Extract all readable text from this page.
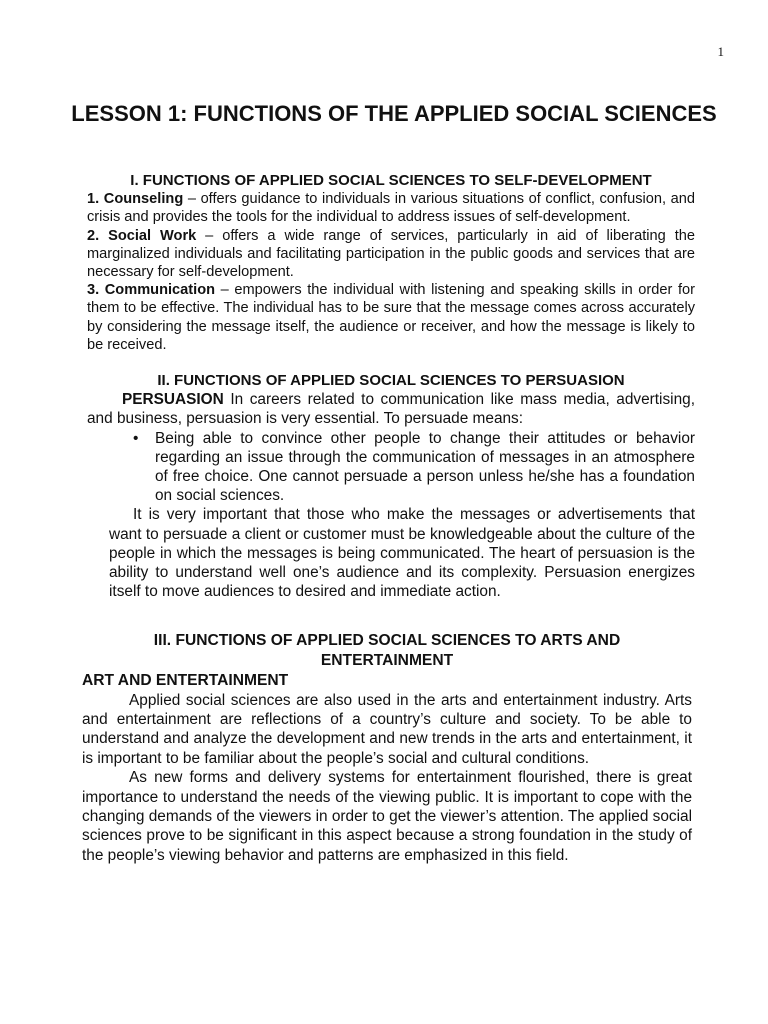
1
LESSON 1: FUNCTIONS OF THE APPLIED SOCIAL SCIENCES
I. FUNCTIONS OF APPLIED SOCIAL SCIENCES TO SELF-DEVELOPMENT

1. Counseling – offers guidance to individuals in various situations of conflict, confusion, and crisis and provides the tools for the individual to address issues of self-development.

2. Social Work – offers a wide range of services, particularly in aid of liberating the marginalized individuals and facilitating participation in the public goods and services that are necessary for self-development.

3. Communication – empowers the individual with listening and speaking skills in order for them to be effective. The individual has to be sure that the message comes across accurately by considering the message itself, the audience or receiver, and how the message is likely to be received.

II. FUNCTIONS OF APPLIED SOCIAL SCIENCES TO PERSUASION

PERSUASION In careers related to communication like mass media, advertising, and business, persuasion is very essential. To persuade means:

• Being able to convince other people to change their attitudes or behavior regarding an issue through the communication of messages in an atmosphere of free choice. One cannot persuade a person unless he/she has a foundation on social sciences.

It is very important that those who make the messages or advertisements that want to persuade a client or customer must be knowledgeable about the culture of the people in which the messages is being communicated. The heart of persuasion is the ability to understand well one’s audience and its complexity. Persuasion energizes itself to move audiences to desired and immediate action.

III. FUNCTIONS OF APPLIED SOCIAL SCIENCES TO ARTS AND ENTERTAINMENT
ART AND ENTERTAINMENT

Applied social sciences are also used in the arts and entertainment industry. Arts and entertainment are reflections of a country’s culture and society. To be able to understand and analyze the development and new trends in the arts and entertainment, it is important to be familiar about the people’s social and cultural conditions.

As new forms and delivery systems for entertainment flourished, there is great importance to understand the needs of the viewing public. It is important to cope with the changing demands of the viewers in order to get the viewer’s attention. The applied social sciences prove to be significant in this aspect because a strong foundation in the study of the people’s viewing behavior and patterns are emphasized in this field.
